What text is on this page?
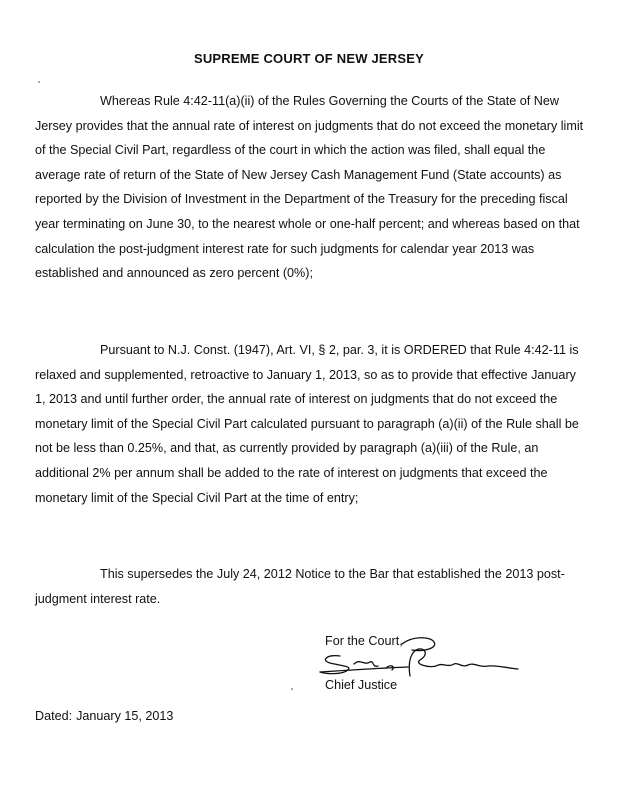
SUPREME COURT OF NEW JERSEY

Whereas Rule 4:42-11(a)(ii) of the Rules Governing the Courts of the State of New Jersey provides that the annual rate of interest on judgments that do not exceed the monetary limit of the Special Civil Part, regardless of the court in which the action was filed, shall equal the average rate of return of the State of New Jersey Cash Management Fund (State accounts) as reported by the Division of Investment in the Department of the Treasury for the preceding fiscal year terminating on June 30, to the nearest whole or one-half percent; and whereas based on that calculation the post-judgment interest rate for such judgments for calendar year 2013 was established and announced as zero percent (0%);

Pursuant to N.J. Const. (1947), Art. VI, § 2, par. 3, it is ORDERED that Rule 4:42-11 is relaxed and supplemented, retroactive to January 1, 2013, so as to provide that effective January 1, 2013 and until further order, the annual rate of interest on judgments that do not exceed the monetary limit of the Special Civil Part calculated pursuant to paragraph (a)(ii) of the Rule shall be not be less than 0.25%, and that, as currently provided by paragraph (a)(iii) of the Rule, an additional 2% per annum shall be added to the rate of interest on judgments that exceed the monetary limit of the Special Civil Part at the time of entry;

This supersedes the July 24, 2012 Notice to the Bar that established the 2013 post-judgment interest rate.

For the Court,
Chief Justice
Dated: January 15, 2013
